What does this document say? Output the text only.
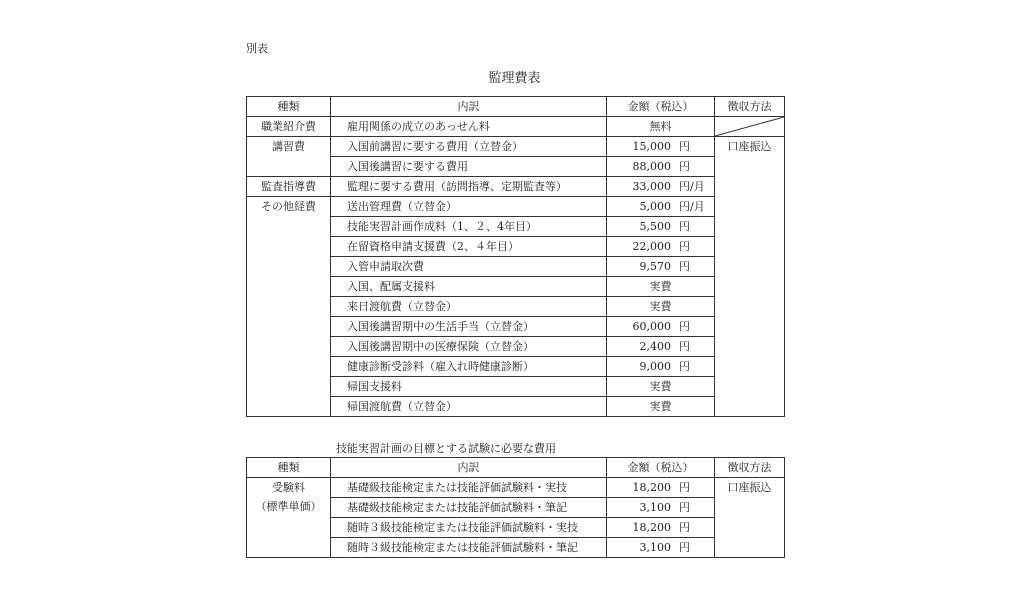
別表
監理費表
種類	内訳	金額（税込）	徴収方法
職業紹介費	雇用関係の成立のあっせん料	無料	

講習費	入国前講習に要する費用（立替金）	15,000 円	口座振込
	入国後講習に要する費用	88,000 円	
監査指導費	監理に要する費用（訪問指導、定期監査等）	33,000 円/月	
その他経費	送出管理費（立替金）	5,000 円/月	
	技能実習計画作成料（1、２、4年目）	5,500 円	
	在留資格申請支援費（2、４年目）	22,000 円	
	入管申請取次費	9,570 円	
	入国、配属支援料	実費	
	来日渡航費（立替金）	実費	
	入国後講習期中の生活手当（立替金）	60,000 円	
	入国後講習期中の医療保険（立替金）	2,400 円	
	健康診断受診料（雇入れ時健康診断）	9,000 円	
	帰国支援料	実費	
	帰国渡航費（立替金）	実費	
技能実習計画の目標とする試験に必要な費用
種類	内訳	金額（税込）	徴収方法

受験料
（標準単価）	基礎級技能検定または技能評価試験料・実技	18,200 円	口座振込
	基礎級技能検定または技能評価試験料・筆記	3,100 円	
	随時３級技能検定または技能評価試験料・実技	18,200 円	
	随時３級技能検定または技能評価試験料・筆記	3,100 円	
